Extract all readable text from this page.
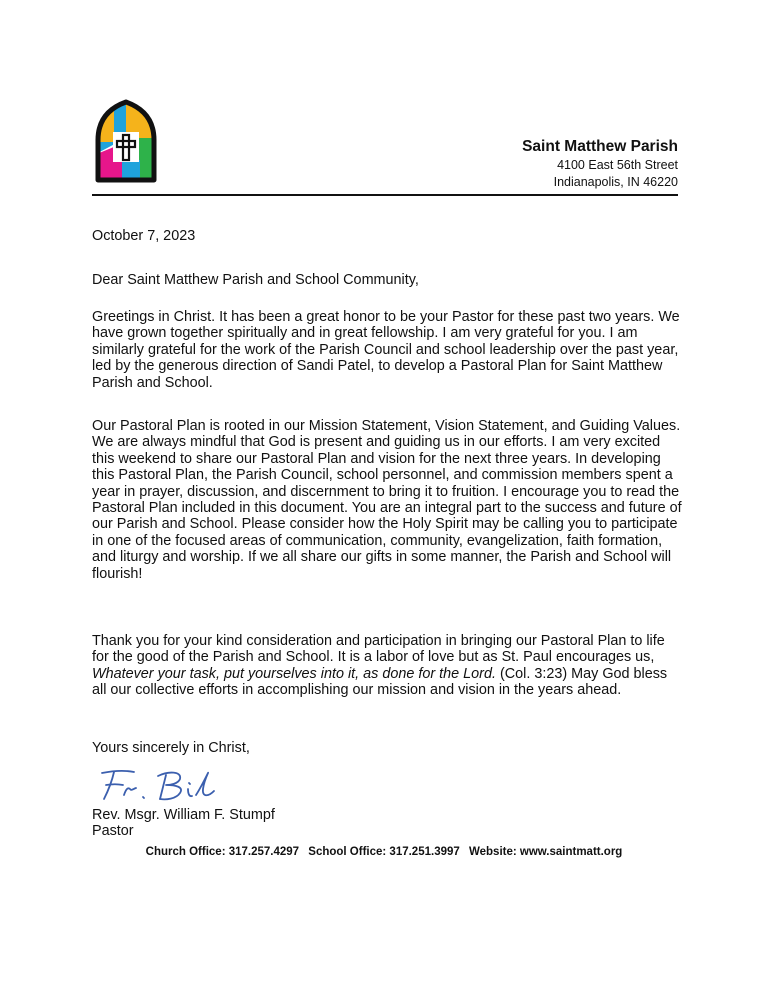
Saint Matthew Parish
4100 East 56th Street
Indianapolis, IN 46220
October 7, 2023
Dear Saint Matthew Parish and School Community,

Greetings in Christ. It has been a great honor to be your Pastor for these past two years. We have grown together spiritually and in great fellowship. I am very grateful for you. I am similarly grateful for the work of the Parish Council and school leadership over the past year, led by the generous direction of Sandi Patel, to develop a Pastoral Plan for Saint Matthew Parish and School.

Our Pastoral Plan is rooted in our Mission Statement, Vision Statement, and Guiding Values. We are always mindful that God is present and guiding us in our efforts. I am very excited this weekend to share our Pastoral Plan and vision for the next three years. In developing this Pastoral Plan, the Parish Council, school personnel, and commission members spent a year in prayer, discussion, and discernment to bring it to fruition. I encourage you to read the Pastoral Plan included in this document. You are an integral part to the success and future of our Parish and School. Please consider how the Holy Spirit may be calling you to participate in one of the focused areas of communication, community, evangelization, faith formation, and liturgy and worship. If we all share our gifts in some manner, the Parish and School will flourish!

Thank you for your kind consideration and participation in bringing our Pastoral Plan to life for the good of the Parish and School. It is a labor of love but as St. Paul encourages us, Whatever your task, put yourselves into it, as done for the Lord. (Col. 3:23) May God bless all our collective efforts in accomplishing our mission and vision in the years ahead.

Yours sincerely in Christ,
Rev. Msgr. William F. Stumpf
Pastor
Church Office: 317.257.4297 School Office: 317.251.3997 Website: www.saintmatt.org
